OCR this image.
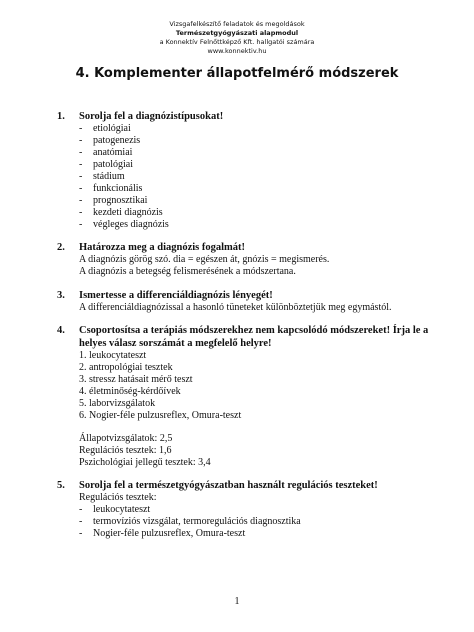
Vizsgafelkészítő feladatok és megoldások
Természetgyógyászati alapmodul
a Konnektív Felnőttképző Kft. hallgatói számára
www.konnektiv.hu
4. Komplementer állapotfelmérő módszerek
1. Sorolja fel a diagnózistípusokat!
- etiológiai
- patogenezis
- anatómiai
- patológiai
- stádium
- funkcionális
- prognosztikai
- kezdeti diagnózis
- végleges diagnózis
2. Határozza meg a diagnózis fogalmát!
A diagnózis görög szó. dia = egészen át, gnózis = megismerés.
A diagnózis a betegség felismerésének a módszertana.
3. Ismertesse a differenciáldiagnózis lényegét!
A differenciáldiagnózissal a hasonló tüneteket különböztetjük meg egymástól.
4. Csoportosítsa a terápiás módszerekhez nem kapcsolódó módszereket! Írja le a
helyes válasz sorszámát a megfelelő helyre!
1. leukocytateszt
2. antropológiai tesztek
3. stressz hatásait mérő teszt
4. életminőség-kérdőívek
5. laborvizsgálatok
6. Nogier-féle pulzusreflex, Omura-teszt
Állapotvizsgálatok: 2,5
Regulációs tesztek: 1,6
Pszichológiai jellegű tesztek: 3,4
5. Sorolja fel a természetgyógyászatban használt regulációs teszteket!
Regulációs tesztek:
- leukocytateszt
- termovíziós vizsgálat, termoregulációs diagnosztika
- Nogier-féle pulzusreflex, Omura-teszt
1
